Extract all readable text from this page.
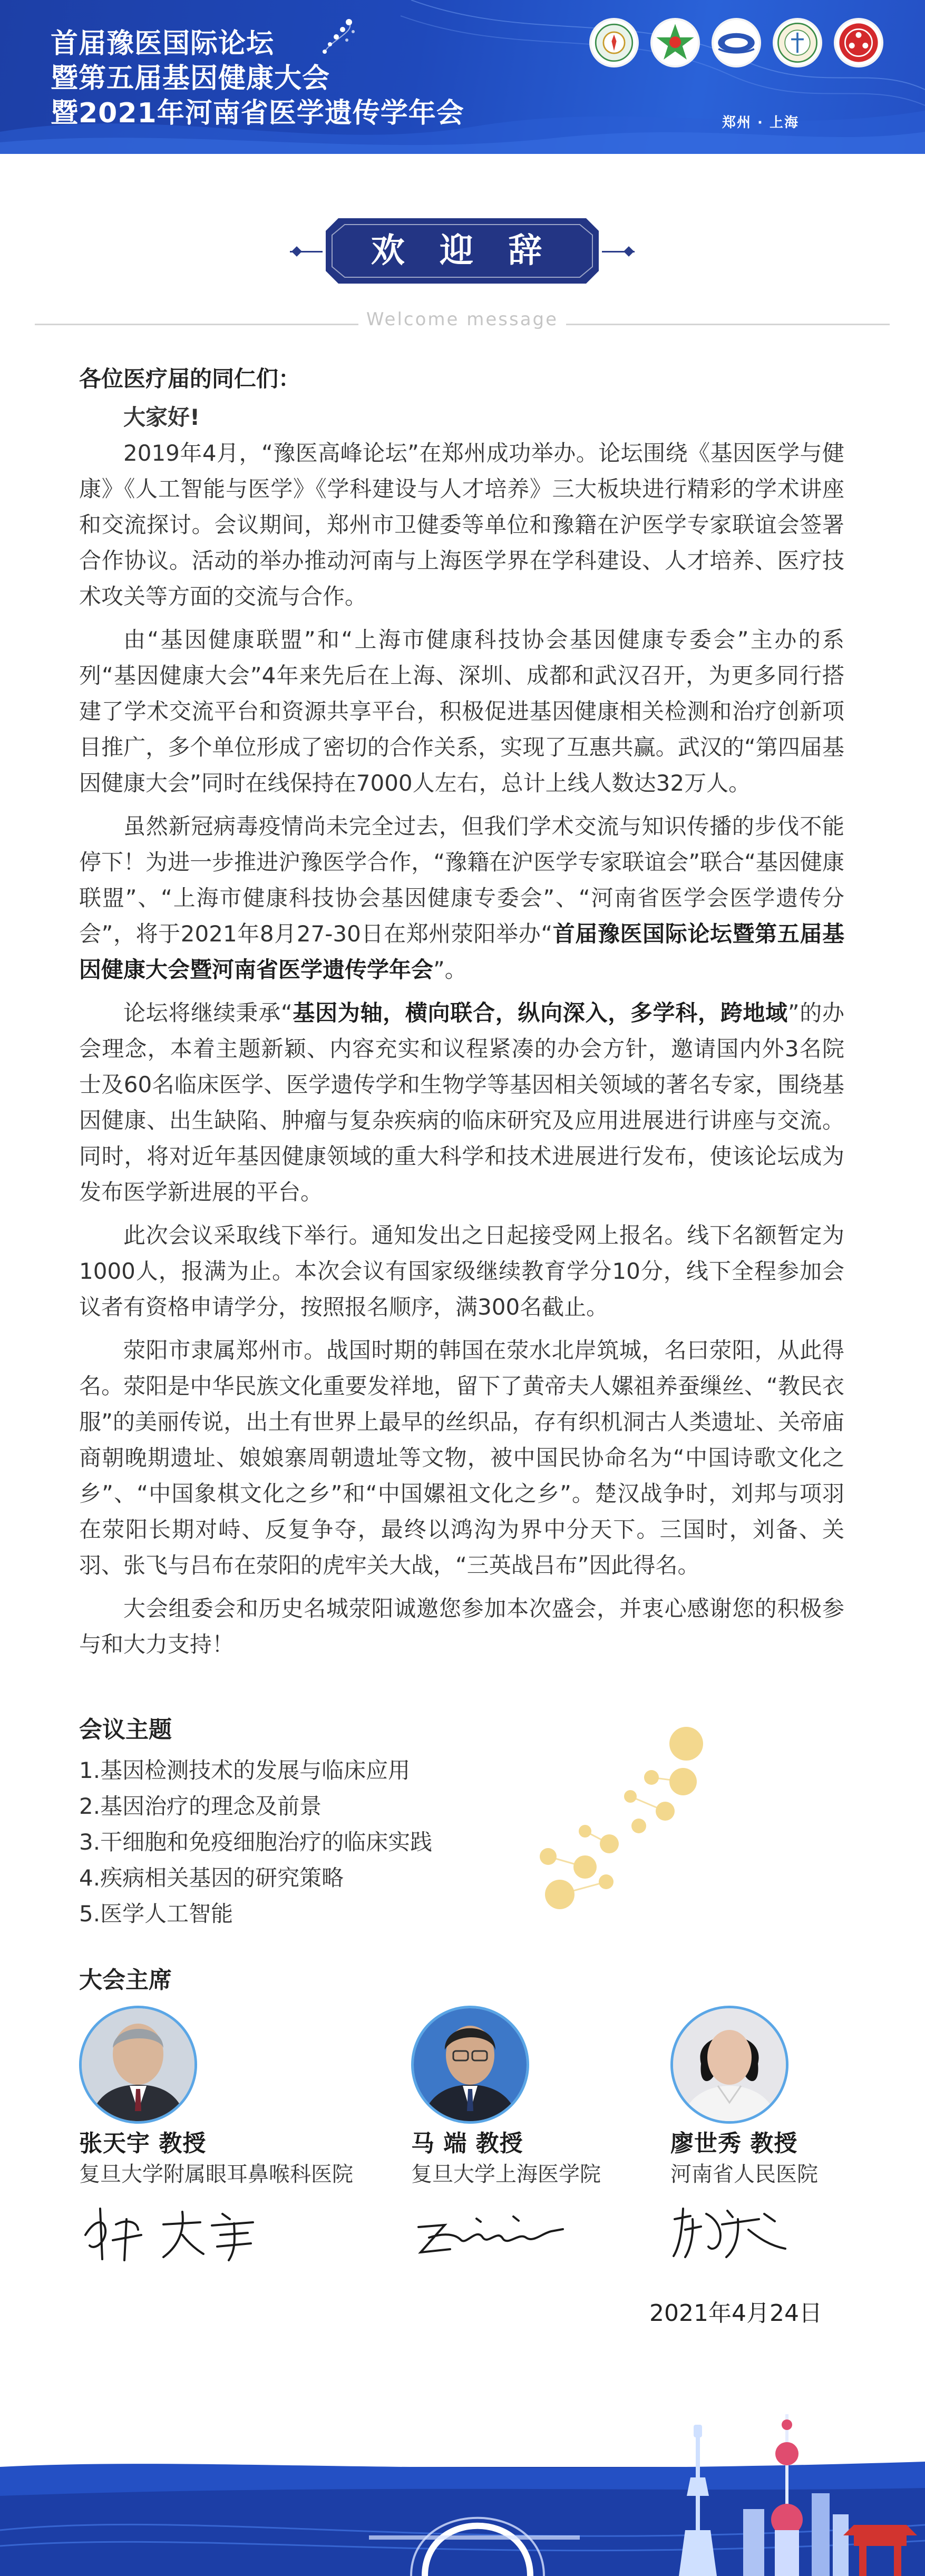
首届豫医国际论坛
暨第五届基因健康大会
暨2021年河南省医学遗传学年会	郑州 · 上海
欢 迎 辞
Welcome message
各位医疗届的同仁们：

大家好!

2019年4月，“豫医高峰论坛”在郑州成功举办。论坛围绕《基因医学与健康》《人工智能与医学》《学科建设与人才培养》三大板块进行精彩的学术讲座和交流探讨。会议期间，郑州市卫健委等单位和豫籍在沪医学专家联谊会签署合作协议。活动的举办推动河南与上海医学界在学科建设、人才培养、医疗技术攻关等方面的交流与合作。

由“基因健康联盟”和“上海市健康科技协会基因健康专委会”主办的系列“基因健康大会”4年来先后在上海、深圳、成都和武汉召开，为更多同行搭建了学术交流平台和资源共享平台，积极促进基因健康相关检测和治疗创新项目推广，多个单位形成了密切的合作关系，实现了互惠共赢。武汉的“第四届基因健康大会”同时在线保持在7000人左右，总计上线人数达32万人。

虽然新冠病毒疫情尚未完全过去，但我们学术交流与知识传播的步伐不能停下！为进一步推进沪豫医学合作，“豫籍在沪医学专家联谊会”联合“基因健康联盟”、“上海市健康科技协会基因健康专委会”、“河南省医学会医学遗传分会”，将于2021年8月27-30日在郑州荥阳举办“首届豫医国际论坛暨第五届基因健康大会暨河南省医学遗传学年会”。

论坛将继续秉承“基因为轴，横向联合，纵向深入，多学科，跨地域”的办会理念，本着主题新颖、内容充实和议程紧凑的办会方针，邀请国内外3名院士及60名临床医学、医学遗传学和生物学等基因相关领域的著名专家，围绕基因健康、出生缺陷、肿瘤与复杂疾病的临床研究及应用进展进行讲座与交流。同时，将对近年基因健康领域的重大科学和技术进展进行发布，使该论坛成为发布医学新进展的平台。

此次会议采取线下举行。通知发出之日起接受网上报名。线下名额暂定为1000人，报满为止。本次会议有国家级继续教育学分10分，线下全程参加会议者有资格申请学分，按照报名顺序，满300名截止。

荥阳市隶属郑州市。战国时期的韩国在荥水北岸筑城，名曰荥阳，从此得名。荥阳是中华民族文化重要发祥地，留下了黄帝夫人嫘祖养蚕缫丝、“教民衣服”的美丽传说，出土有世界上最早的丝织品，存有织机洞古人类遗址、关帝庙商朝晚期遗址、娘娘寨周朝遗址等文物，被中国民协命名为“中国诗歌文化之乡”、“中国象棋文化之乡”和“中国嫘祖文化之乡”。楚汉战争时，刘邦与项羽在荥阳长期对峙、反复争夺，最终以鸿沟为界中分天下。三国时，刘备、关羽、张飞与吕布在荥阳的虎牢关大战，“三英战吕布”因此得名。

大会组委会和历史名城荥阳诚邀您参加本次盛会，并衷心感谢您的积极参与和大力支持！

会议主题
1.基因检测技术的发展与临床应用
2.基因治疗的理念及前景
3.干细胞和免疫细胞治疗的临床实践
4.疾病相关基因的研究策略
5.医学人工智能
大会主席
张天宇 教授
复旦大学附属眼耳鼻喉科医院
马 端 教授
复旦大学上海医学院
廖世秀 教授
河南省人民医院
2021年4月24日
